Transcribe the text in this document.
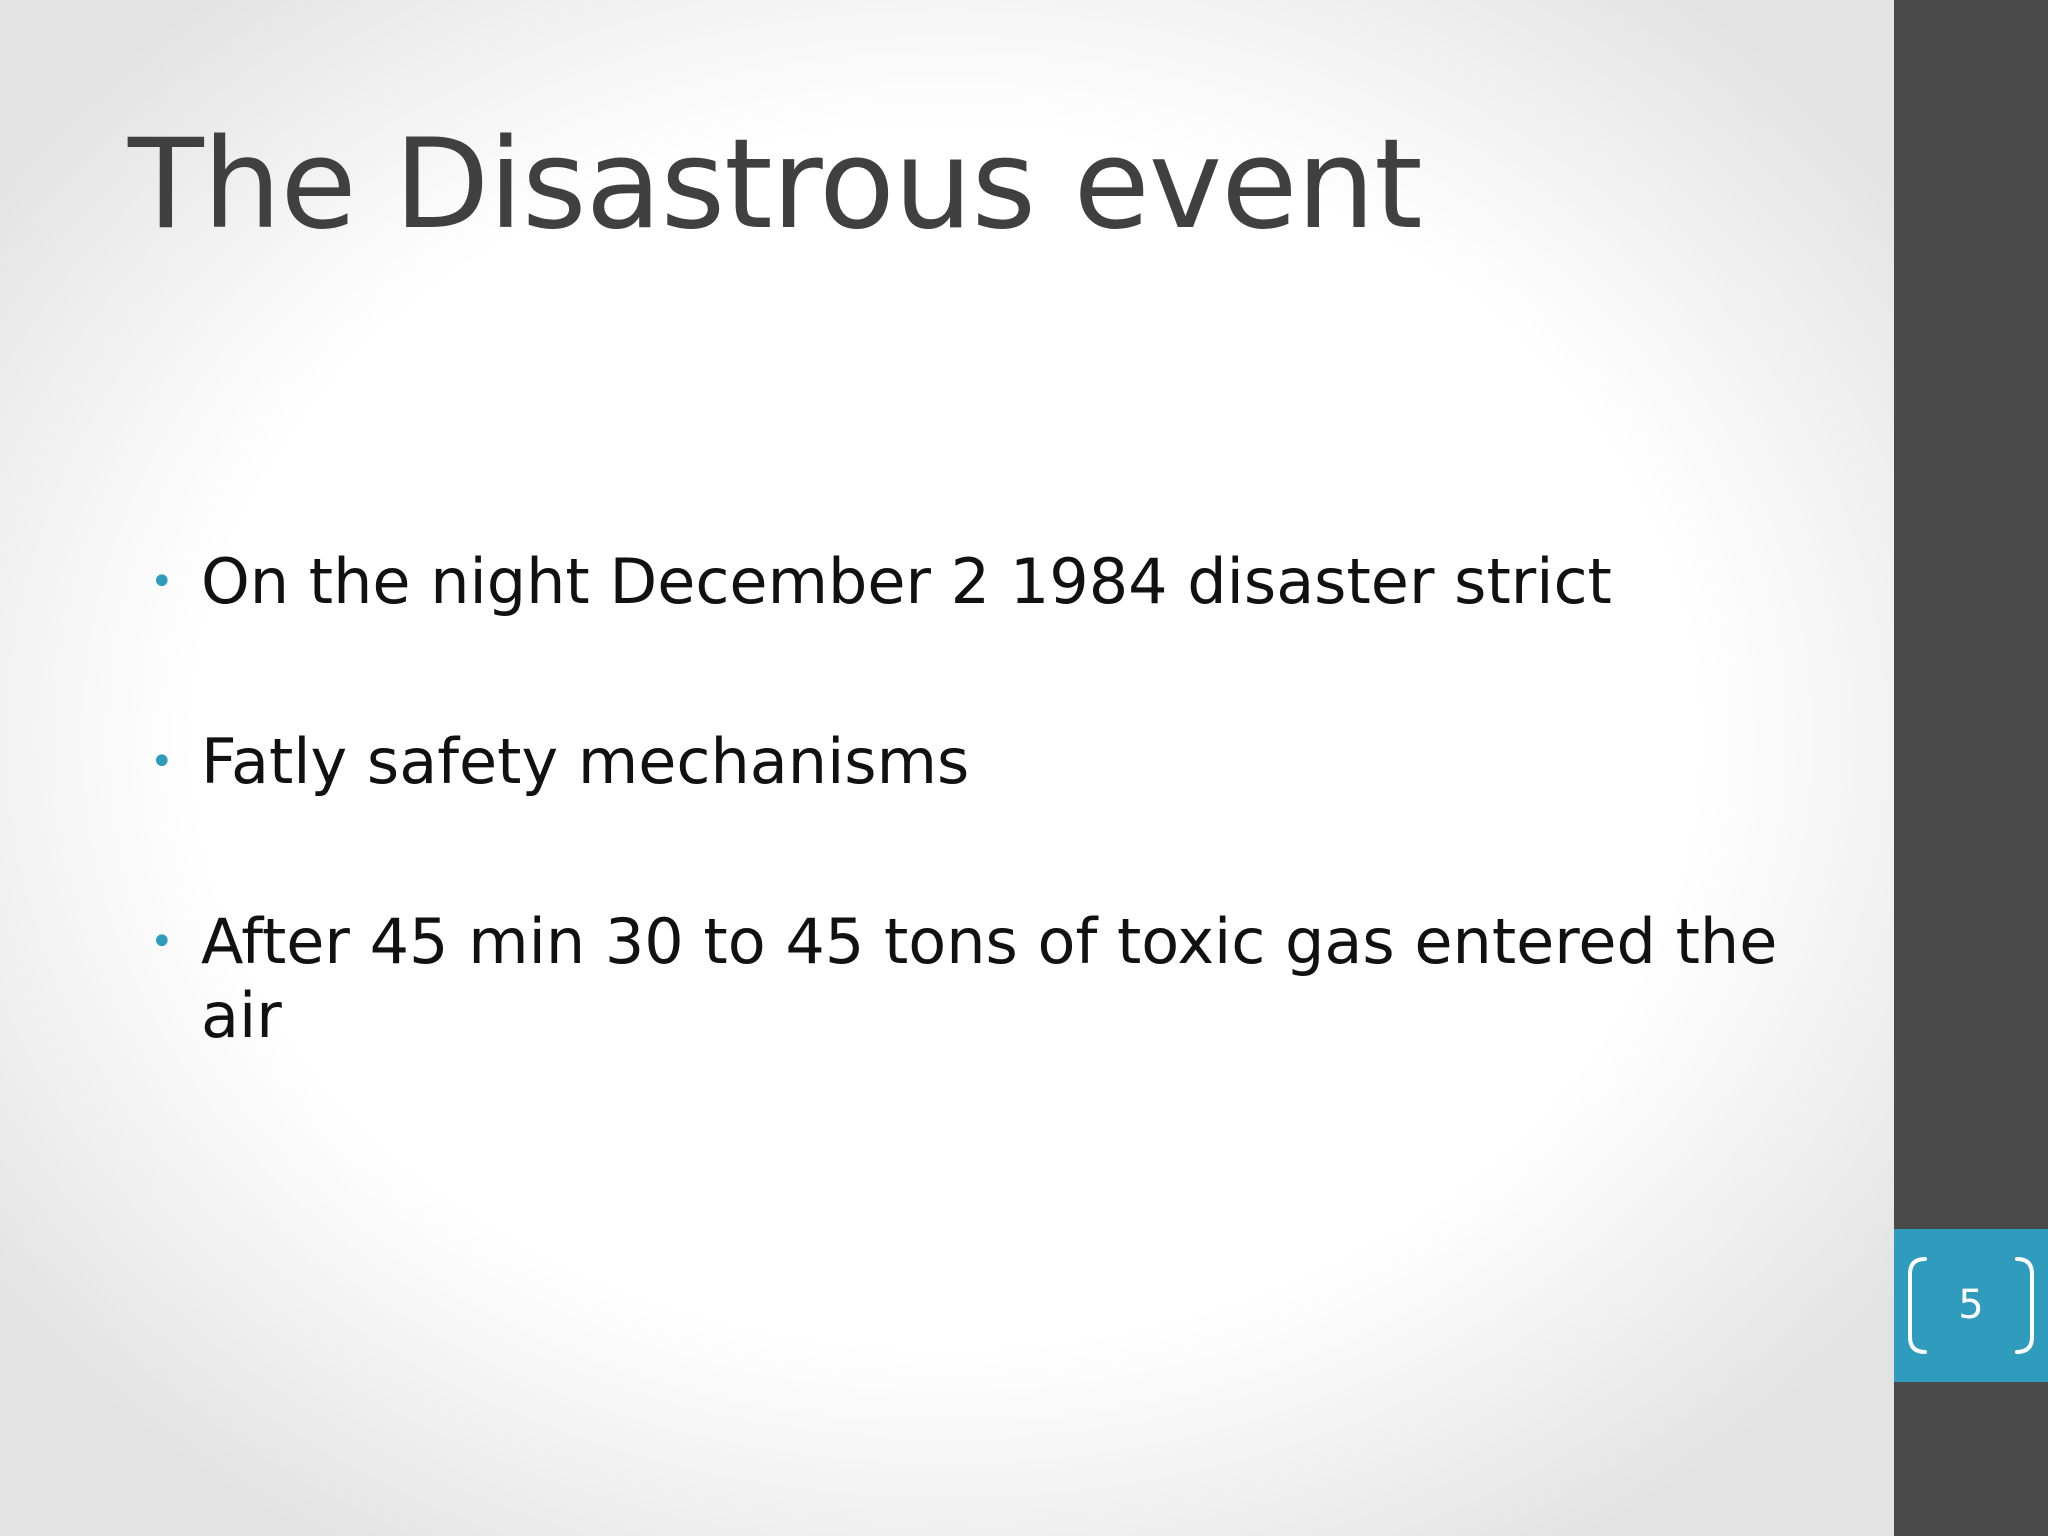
The Disastrous event
• On the night December 2 1984 disaster strict
• Fatly safety mechanisms
• After 45 min 30 to 45 tons of toxic gas entered the air
5
